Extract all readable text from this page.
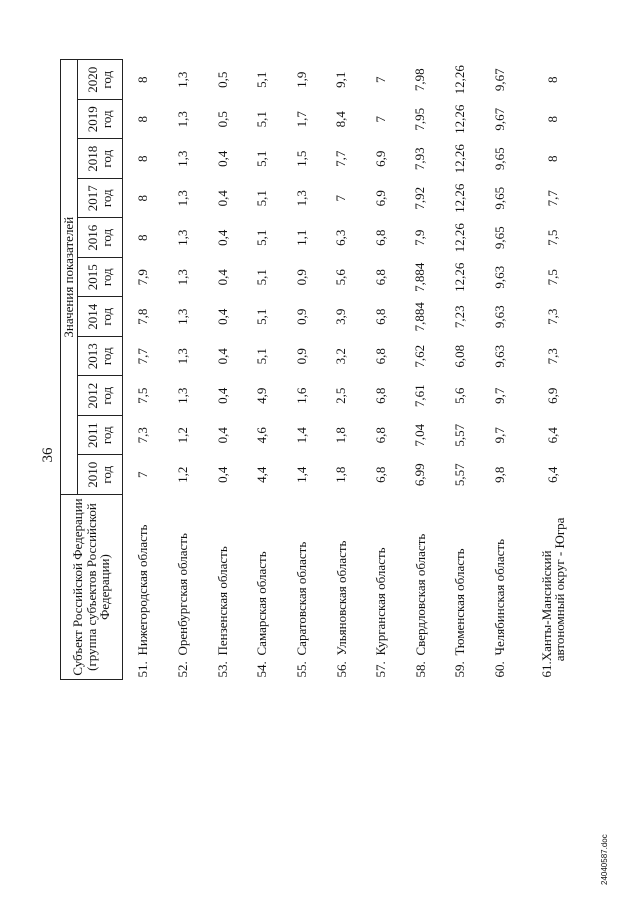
36
Субъект Российской Федерации (группа субъектов Российской Федерации)	Значения показателей										
	2010 год	2011 год	2012 год	2013 год	2014 год	2015 год	2016 год	2017 год	2018 год	2019 год	2020 год

51.
Нижегородская область	7	7,3	7,5	7,7	7,8	7,9	8	8	8	8	8

52.
Оренбургская область	1,2	1,2	1,3	1,3	1,3	1,3	1,3	1,3	1,3	1,3	1,3

53.
Пензенская область	0,4	0,4	0,4	0,4	0,4	0,4	0,4	0,4	0,4	0,5	0,5

54.
Самарская область	4,4	4,6	4,9	5,1	5,1	5,1	5,1	5,1	5,1	5,1	5,1

55.
Саратовская область	1,4	1,4	1,6	0,9	0,9	0,9	1,1	1,3	1,5	1,7	1,9

56.
Ульяновская область	1,8	1,8	2,5	3,2	3,9	5,6	6,3	7	7,7	8,4	9,1

57.
Курганская область	6,8	6,8	6,8	6,8	6,8	6,8	6,8	6,9	6,9	7	7

58.
Свердловская область	6,99	7,04	7,61	7,62	7,884	7,884	7,9	7,92	7,93	7,95	7,98

59.
Тюменская область	5,57	5,57	5,6	6,08	7,23	12,26	12,26	12,26	12,26	12,26	12,26

60.
Челябинская область	9,8	9,7	9,7	9,63	9,63	9,63	9,65	9,65	9,65	9,67	9,67

61.
Ханты-Мансийский автономный округ - Югра	6,4	6,4	6,9	7,3	7,3	7,5	7,5	7,7	8	8	8
24040587.doc
